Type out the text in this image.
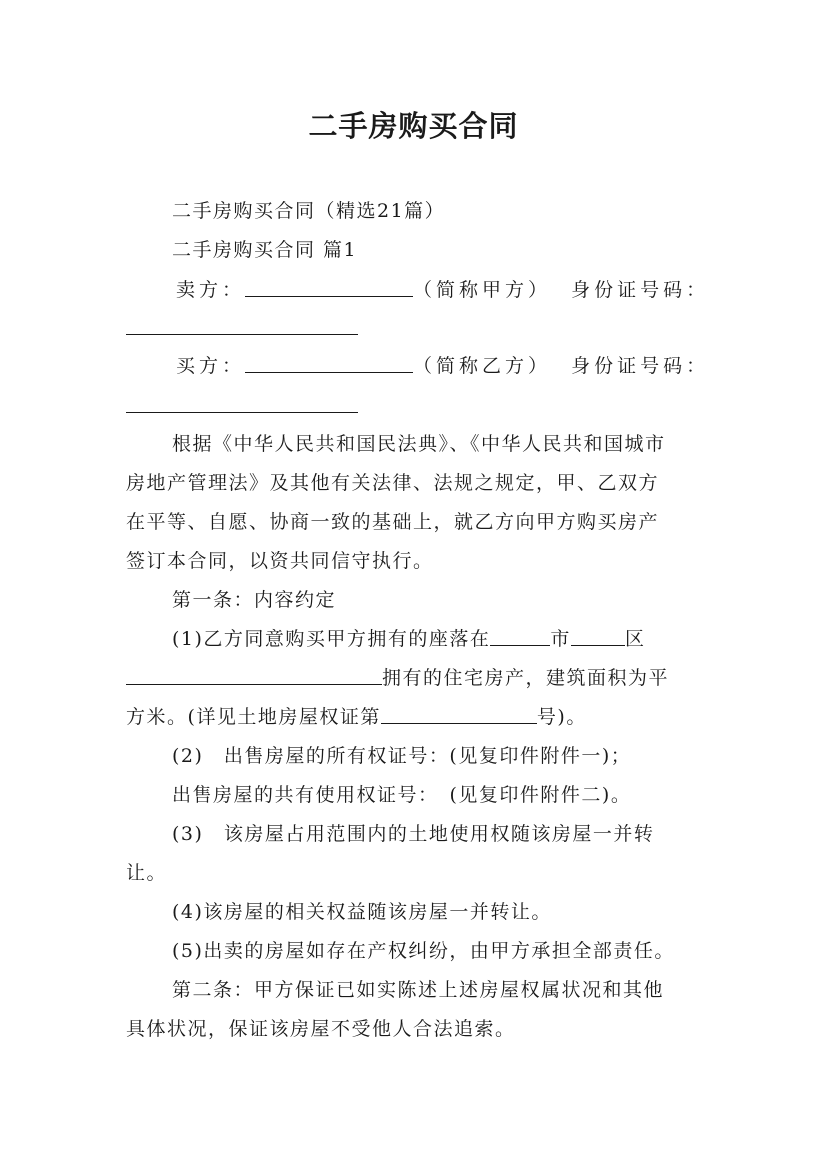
二手房购买合同

二手房购买合同（精选21篇）

二手房购买合同 篇1

卖方：	（简称甲方） 身份证号码：

买方：	（简称乙方） 身份证号码：

根据《中华人民共和国民法典》、《中华人民共和国城市

房地产管理法》及其他有关法律、法规之规定，甲、乙双方

在平等、自愿、协商一致的基础上，就乙方向甲方购买房产

签订本合同，以资共同信守执行。

第一条：内容约定

(1)乙方同意购买甲方拥有的座落在	市	区

拥有的住宅房产，建筑面积为平

方米。(详见土地房屋权证第	号)。

(2)　出售房屋的所有权证号：(见复印件附件一)；

出售房屋的共有使用权证号：　(见复印件附件二)。

(3)　该房屋占用范围内的土地使用权随该房屋一并转

让。

(4)该房屋的相关权益随该房屋一并转让。

(5)出卖的房屋如存在产权纠纷，由甲方承担全部责任。

第二条：甲方保证已如实陈述上述房屋权属状况和其他

具体状况，保证该房屋不受他人合法追索。
